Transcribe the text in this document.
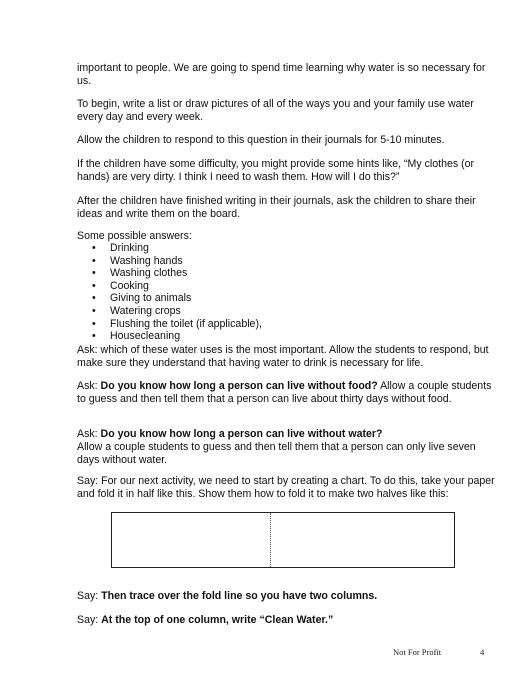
important to people. We are going to spend time learning why water is so necessary for us.

To begin, write a list or draw pictures of all of the ways you and your family use water every day and every week.

Allow the children to respond to this question in their journals for 5-10 minutes.

If the children have some difficulty, you might provide some hints like, “My clothes (or hands) are very dirty. I think I need to wash them. How will I do this?”

After the children have finished writing in their journals, ask the children to share their ideas and write them on the board.

Some possible answers:

• Drinking
• Washing hands
• Washing clothes
• Cooking
• Giving to animals
• Watering crops
• Flushing the toilet (if applicable),
• Housecleaning

Ask: which of these water uses is the most important. Allow the students to respond, but make sure they understand that having water to drink is necessary for life.

Ask: Do you know how long a person can live without food? Allow a couple students to guess and then tell them that a person can live about thirty days without food.

Ask: Do you know how long a person can live without water?
Allow a couple students to guess and then tell them that a person can only live seven days without water.

Say: For our next activity, we need to start by creating a chart. To do this, take your paper and fold it in half like this. Show them how to fold it to make two halves like this:

Say: Then trace over the fold line so you have two columns.

Say: At the top of one column, write “Clean Water.”

Not For Profit	4
